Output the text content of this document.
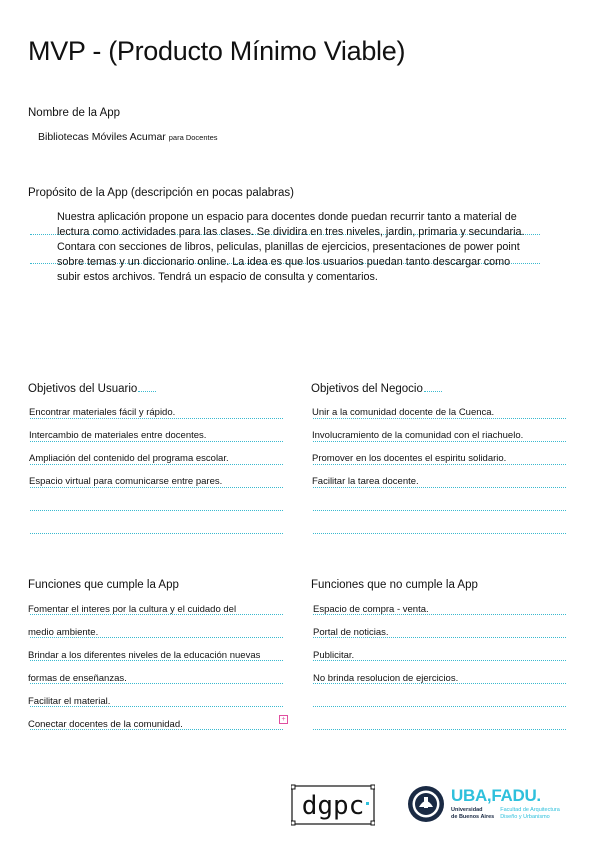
MVP - (Producto Mínimo Viable)
Nombre de la App
Bibliotecas Móviles Acumar para Docentes
Propósito de la App (descripción en pocas palabras)
Nuestra aplicación propone un espacio para docentes donde puedan recurrir tanto a material de
lectura como actividades para las clases. Se dividira en tres niveles, jardin, primaria y secundaria.
Contara con secciones de libros, peliculas, planillas de ejercicios, presentaciones de power point
sobre temas y un diccionario online. La idea es que los usuarios puedan tanto descargar como
subir estos archivos. Tendrá un espacio de consulta y comentarios.
Objetivos del Usuario
Encontrar materiales fácil y rápido.
Intercambio de materiales entre docentes.
Ampliación del contenido del programa escolar.
Espacio virtual para comunicarse entre pares.
Objetivos del Negocio
Unir a la comunidad docente de la Cuenca.
Involucramiento de la comunidad con el riachuelo.
Promover en los docentes el espiritu solidario.
Facilitar la tarea docente.
Funciones que cumple la App
Fomentar el interes por la cultura y el cuidado del
medio ambiente.
Brindar a los diferentes niveles de la educación nuevas
formas de enseñanzas.
Facilitar el material.
Conectar docentes de la comunidad.	+
Funciones que no cumple la App
Espacio de compra - venta.
Portal de noticias.
Publicitar.
No brinda resolucion de ejercicios.
dgpc	UBA,FADU.
Universidad
de Buenos Aires
Facultad de Arquitectura
Diseño y Urbanismo
